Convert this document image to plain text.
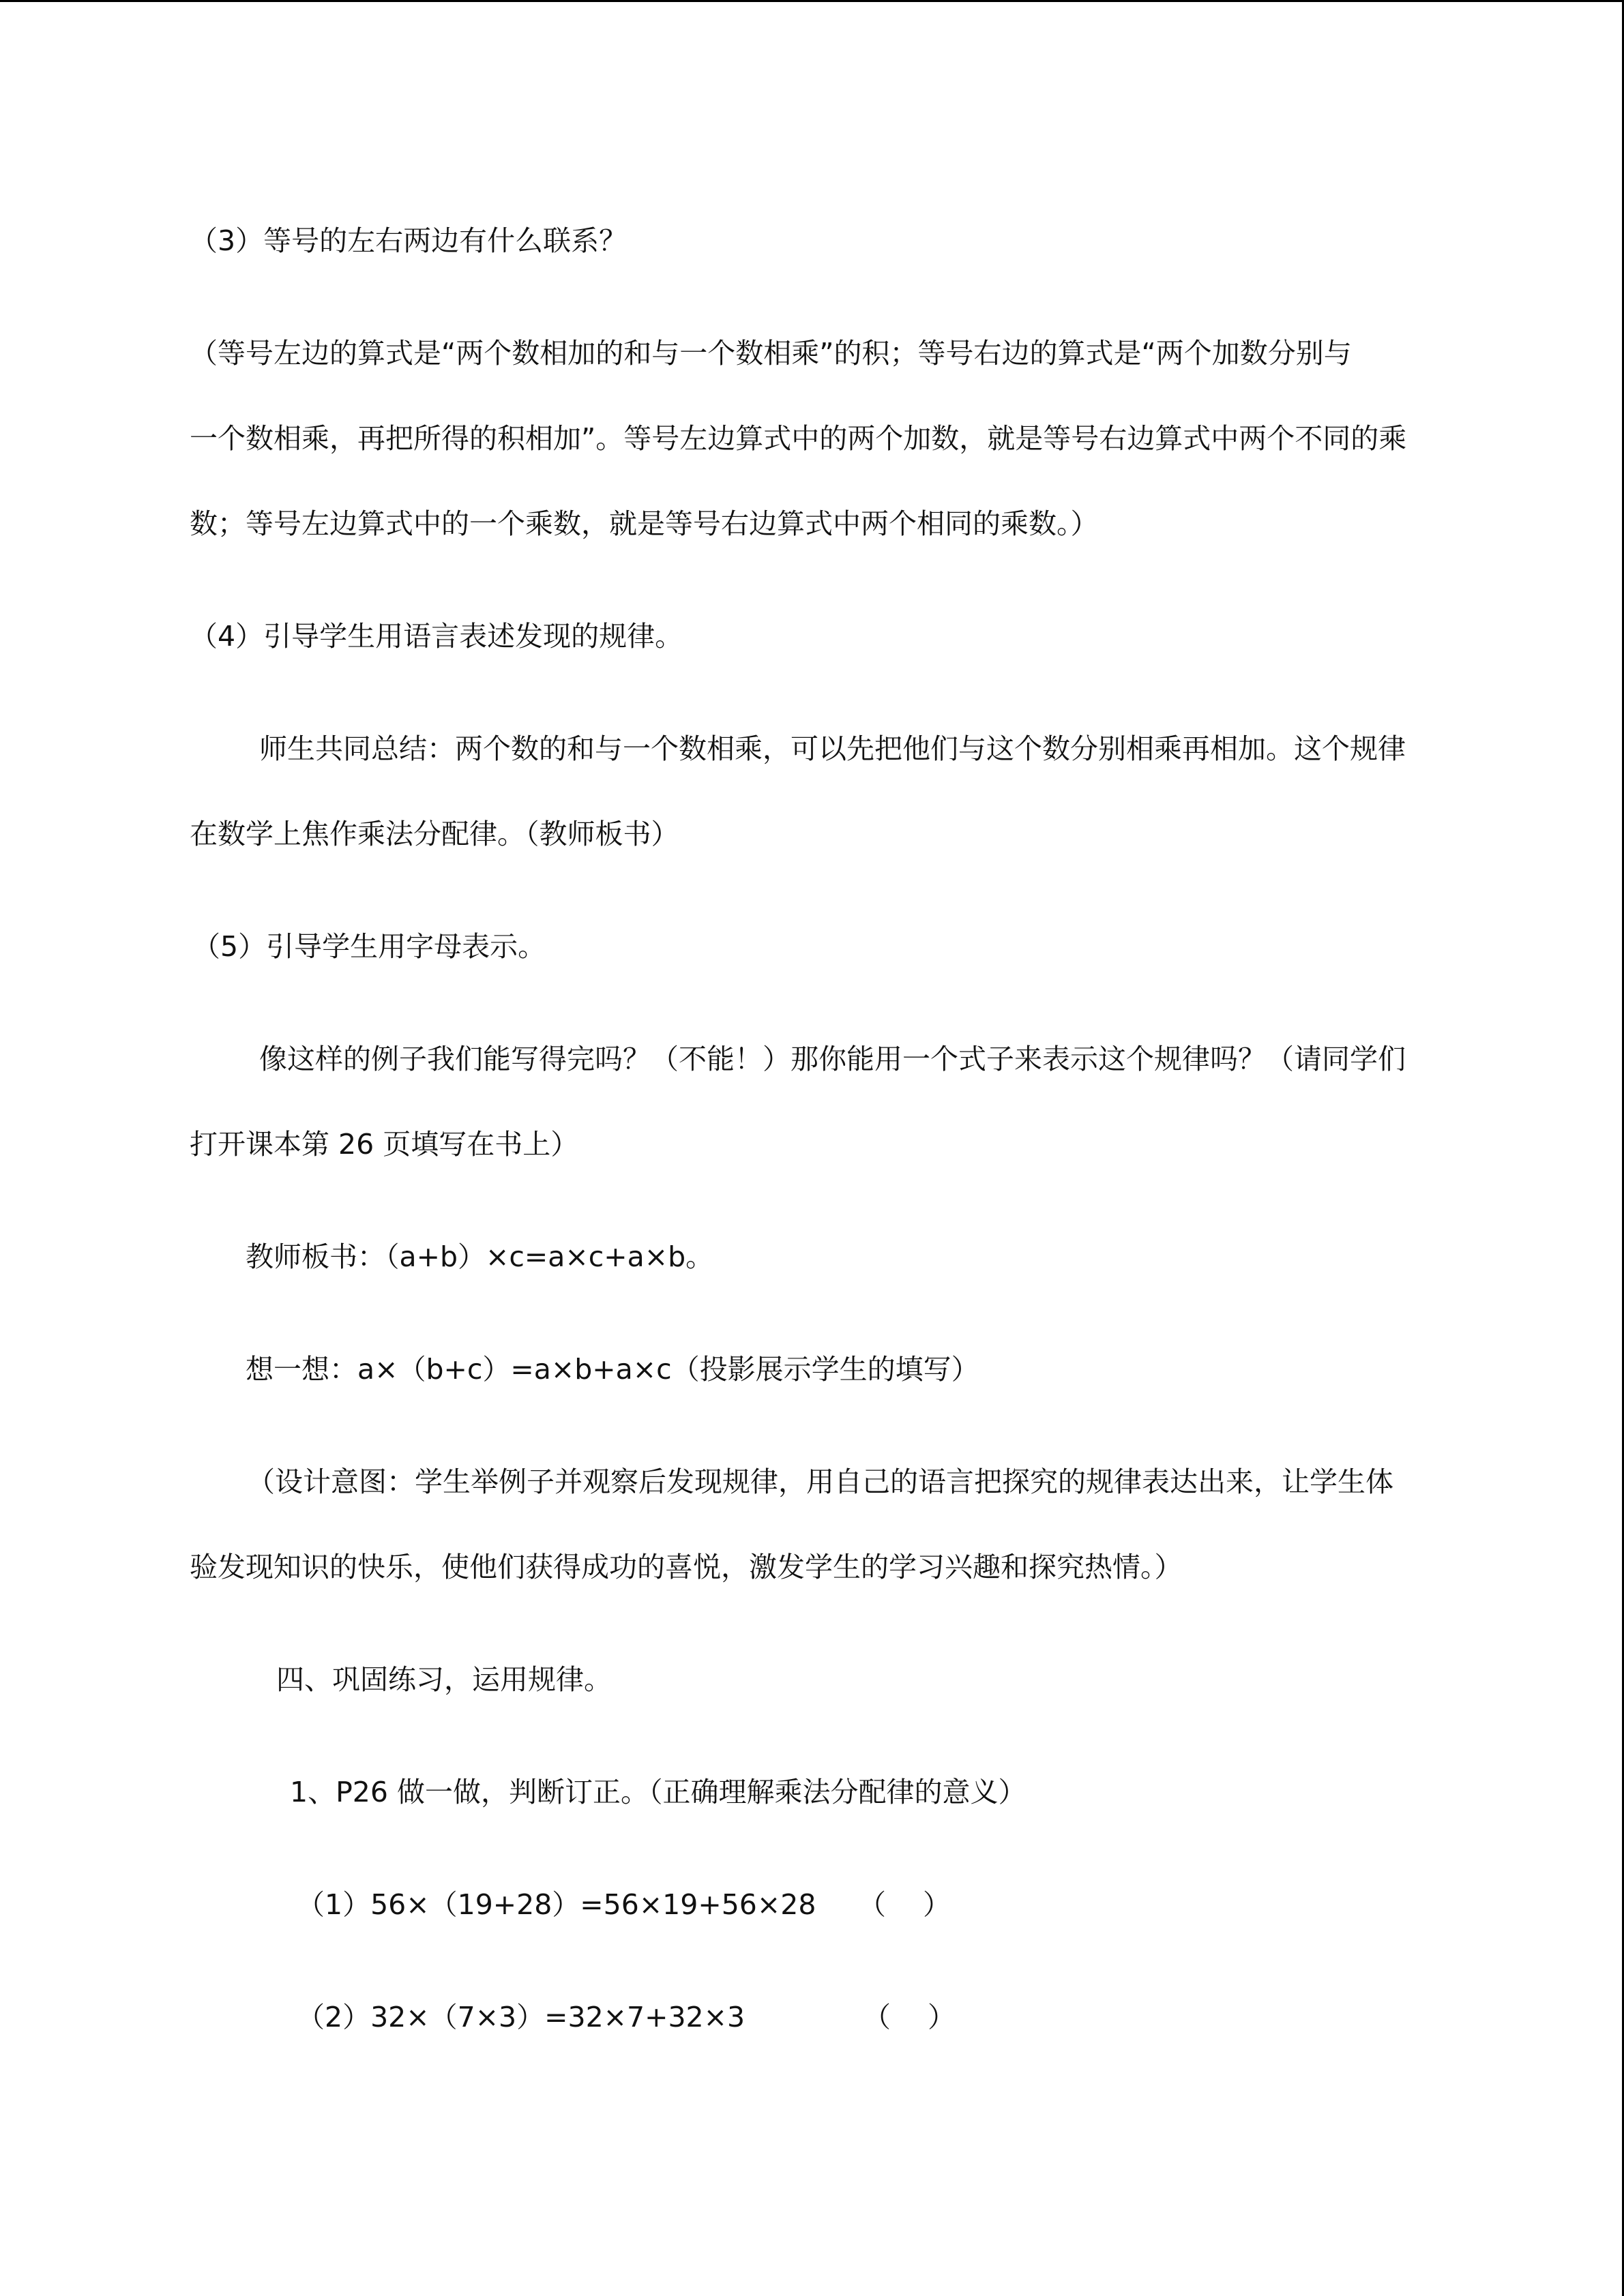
（3）等号的左右两边有什么联系？
（等号左边的算式是“两个数相加的和与一个数相乘”的积；等号右边的算式是“两个加数分别与
一个数相乘，再把所得的积相加”。等号左边算式中的两个加数，就是等号右边算式中两个不同的乘
数；等号左边算式中的一个乘数，就是等号右边算式中两个相同的乘数。）
（4）引导学生用语言表述发现的规律。
师生共同总结：两个数的和与一个数相乘，可以先把他们与这个数分别相乘再相加。这个规律
在数学上焦作乘法分配律。（教师板书）
（5）引导学生用字母表示。
像这样的例子我们能写得完吗？（不能！）那你能用一个式子来表示这个规律吗？（请同学们
打开课本第 26 页填写在书上）
教师板书：（a+b）×c=a×c+a×b。
想一想：a×（b+c）=a×b+a×c（投影展示学生的填写）
（设计意图：学生举例子并观察后发现规律，用自己的语言把探究的规律表达出来，让学生体
验发现知识的快乐，使他们获得成功的喜悦，激发学生的学习兴趣和探究热情。）
四、巩固练习，运用规律。
1、P26 做一做，判断订正。（正确理解乘法分配律的意义）
（1）56×（19+28）=56×19+56×28 （　 ）
（2）32×（7×3）=32×7+32×3	（　 ）
